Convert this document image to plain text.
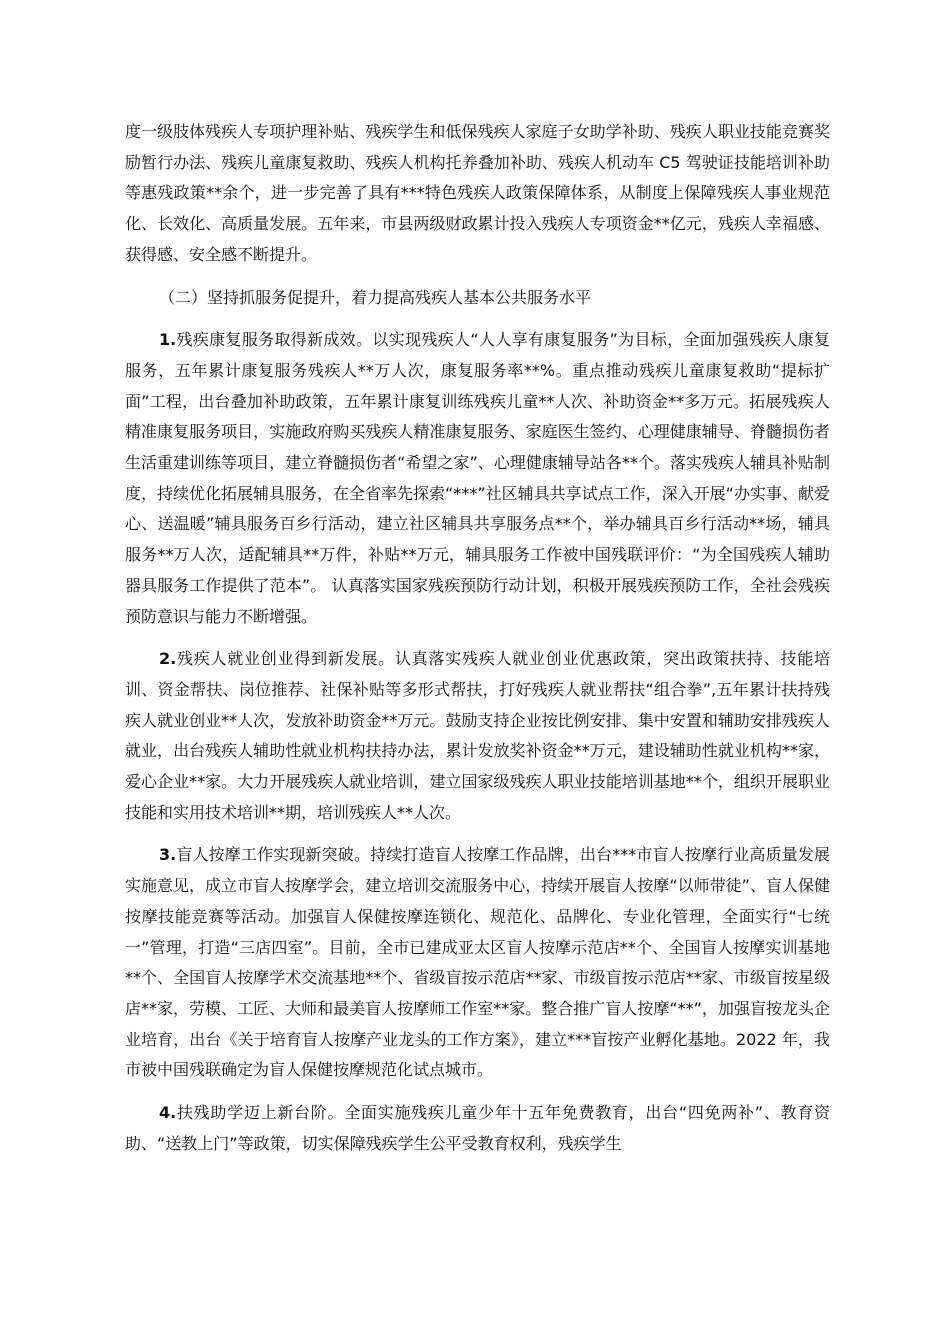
度一级肢体残疾人专项护理补贴、残疾学生和低保残疾人家庭子女助学补助、残疾人职业技能竞赛奖励暂行办法、残疾儿童康复救助、残疾人机构托养叠加补助、残疾人机动车 C5 驾驶证技能培训补助等惠残政策**余个，进一步完善了具有***特色残疾人政策保障体系，从制度上保障残疾人事业规范化、长效化、高质量发展。五年来，市县两级财政累计投入残疾人专项资金**亿元，残疾人幸福感、获得感、安全感不断提升。

（二）坚持抓服务促提升，着力提高残疾人基本公共服务水平

1.残疾康复服务取得新成效。以实现残疾人“人人享有康复服务”为目标，全面加强残疾人康复服务，五年累计康复服务残疾人**万人次，康复服务率**%。重点推动残疾儿童康复救助“提标扩面”工程，出台叠加补助政策，五年累计康复训练残疾儿童**人次、补助资金**多万元。拓展残疾人精准康复服务项目，实施政府购买残疾人精准康复服务、家庭医生签约、心理健康辅导、脊髓损伤者生活重建训练等项目，建立脊髓损伤者“希望之家”、心理健康辅导站各**个。落实残疾人辅具补贴制度，持续优化拓展辅具服务，在全省率先探索“***”社区辅具共享试点工作，深入开展“办实事、献爱心、送温暖”辅具服务百乡行活动，建立社区辅具共享服务点**个，举办辅具百乡行活动**场，辅具服务**万人次，适配辅具**万件，补贴**万元，辅具服务工作被中国残联评价：“为全国残疾人辅助器具服务工作提供了范本”。 认真落实国家残疾预防行动计划，积极开展残疾预防工作，全社会残疾预防意识与能力不断增强。

2.残疾人就业创业得到新发展。认真落实残疾人就业创业优惠政策，突出政策扶持、技能培训、资金帮扶、岗位推荐、社保补贴等多形式帮扶，打好残疾人就业帮扶“组合拳”,五年累计扶持残疾人就业创业**人次，发放补助资金**万元。鼓励支持企业按比例安排、集中安置和辅助安排残疾人就业，出台残疾人辅助性就业机构扶持办法，累计发放奖补资金**万元，建设辅助性就业机构**家，爱心企业**家。大力开展残疾人就业培训，建立国家级残疾人职业技能培训基地**个，组织开展职业技能和实用技术培训**期，培训残疾人**人次。

3.盲人按摩工作实现新突破。持续打造盲人按摩工作品牌，出台***市盲人按摩行业高质量发展实施意见，成立市盲人按摩学会，建立培训交流服务中心，持续开展盲人按摩“以师带徒”、盲人保健按摩技能竞赛等活动。加强盲人保健按摩连锁化、规范化、品牌化、专业化管理，全面实行“七统一”管理，打造“三店四室”。目前，全市已建成亚太区盲人按摩示范店**个、全国盲人按摩实训基地**个、全国盲人按摩学术交流基地**个、省级盲按示范店**家、市级盲按示范店**家、市级盲按星级店**家，劳模、工匠、大师和最美盲人按摩师工作室**家。整合推广盲人按摩“**”，加强盲按龙头企业培育，出台《关于培育盲人按摩产业龙头的工作方案》，建立***盲按产业孵化基地。2022 年，我市被中国残联确定为盲人保健按摩规范化试点城市。

4.扶残助学迈上新台阶。全面实施残疾儿童少年十五年免费教育，出台“四免两补”、教育资助、“送教上门”等政策，切实保障残疾学生公平受教育权利，残疾学生
